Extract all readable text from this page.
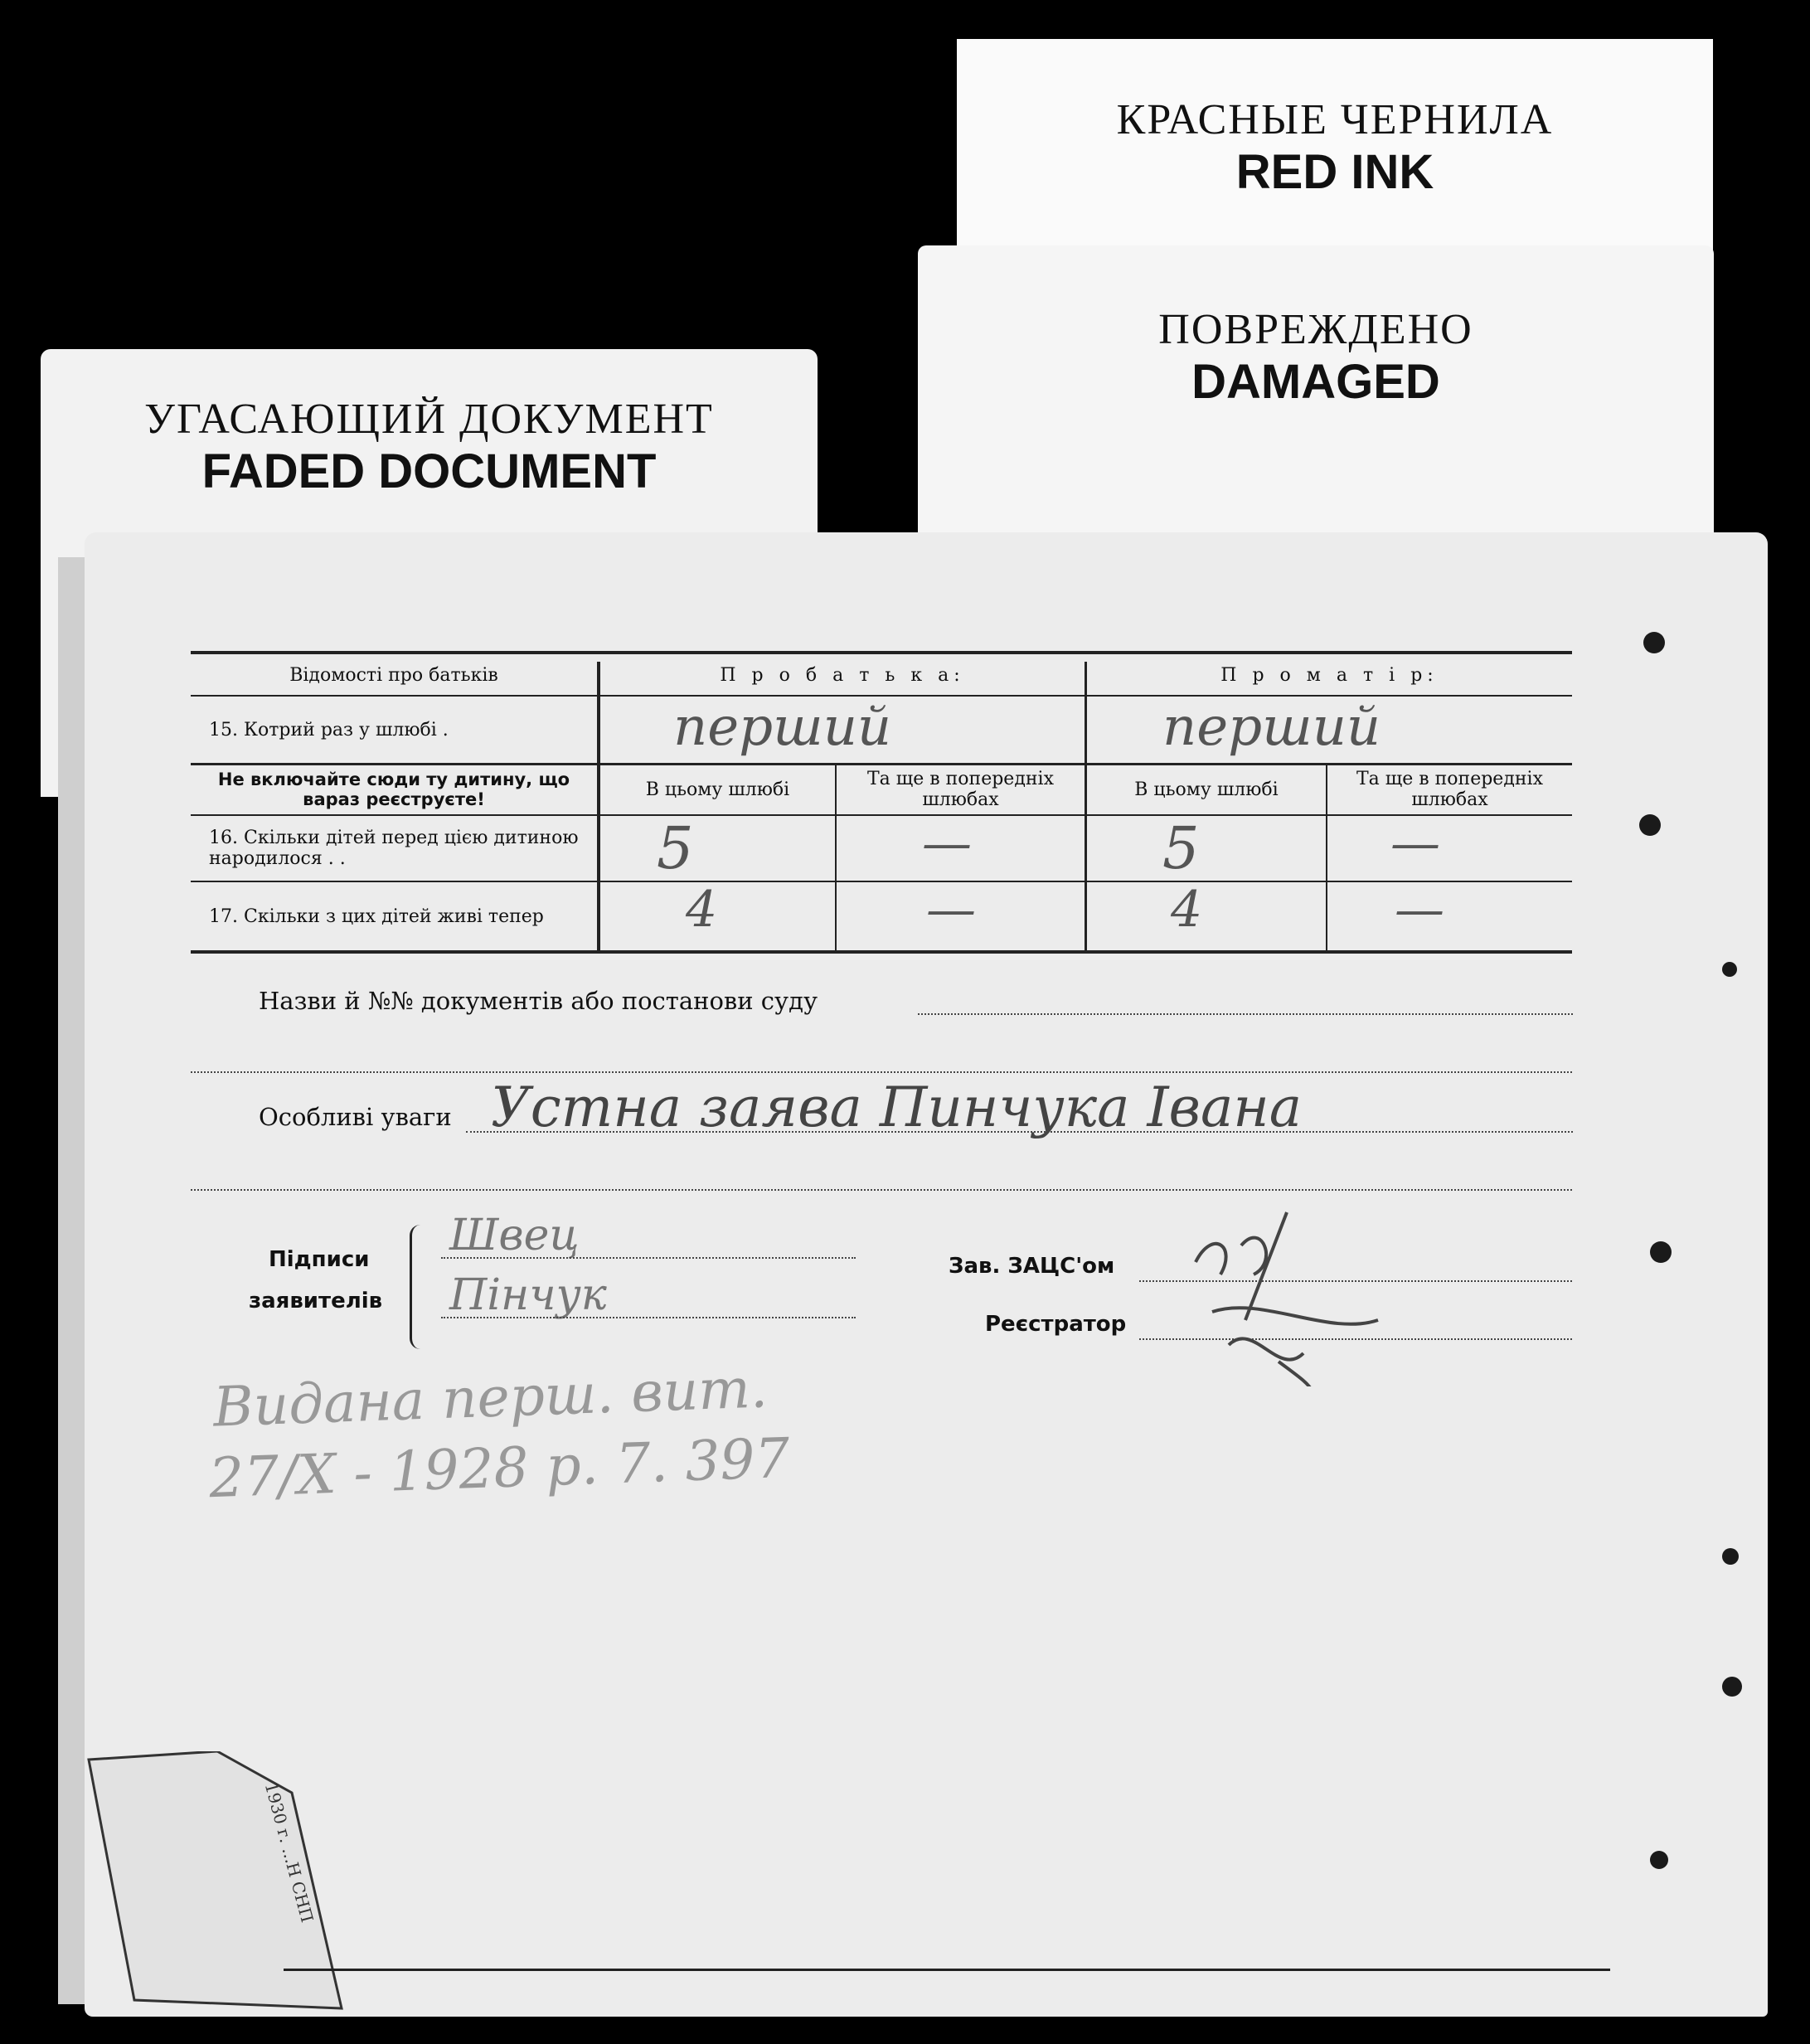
КРАСНЫЕ ЧЕРНИЛА
RED INK
ПОВРЕЖДЕНО
DAMAGED
УГАСАЮЩИЙ ДОКУМЕНТ
FADED DOCUMENT
Відомості про батьків	П р о б а т ь к а:	П р о м а т і р:
15. Котрий раз у шлюбі .	перший	перший
Не включайте сюди ту дитину, що вараз реєструєте!	В цьому шлюбі	Та ще в попередніх шлюбах	В цьому шлюбі	Та ще в попередніх шлюбах
16. Скільки дітей перед цією дитиною народилося . .	5	—	5	—
17. Скільки з цих дітей живі тепер	4	—	4	—
Назви й №№ документів або постанови суду
Особливі уваги Устна заява Пинчука Івана
Підписи
заявителів
Швец
Пінчук
Зав. ЗАЦС'ом
Реєстратор
Видана перш. вит.
27/X - 1928 р. 7. 397
1930 г. ...H СНП
